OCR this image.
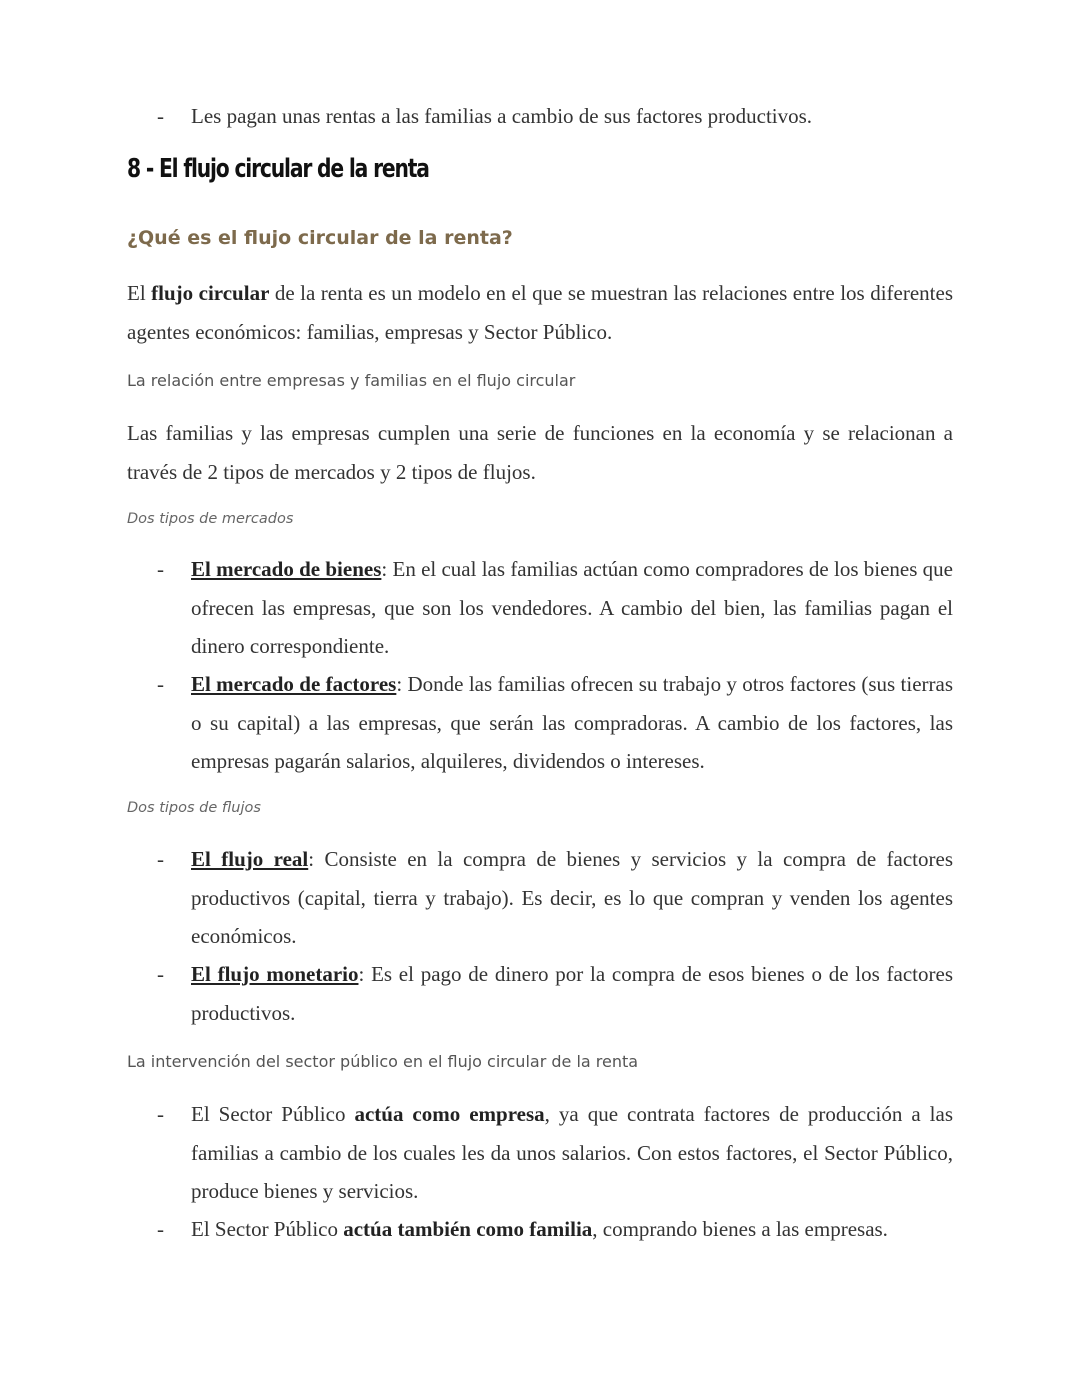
- Les pagan unas rentas a las familias a cambio de sus factores productivos.
8 - El flujo circular de la renta
¿Qué es el flujo circular de la renta?
El flujo circular de la renta es un modelo en el que se muestran las relaciones entre los diferentes agentes económicos: familias, empresas y Sector Público.
La relación entre empresas y familias en el flujo circular
Las familias y las empresas cumplen una serie de funciones en la economía y se relacionan a través de 2 tipos de mercados y 2 tipos de flujos.
Dos tipos de mercados
- El mercado de bienes: En el cual las familias actúan como compradores de los bienes que ofrecen las empresas, que son los vendedores. A cambio del bien, las familias pagan el dinero correspondiente.
- El mercado de factores: Donde las familias ofrecen su trabajo y otros factores (sus tierras o su capital) a las empresas, que serán las compradoras. A cambio de los factores, las empresas pagarán salarios, alquileres, dividendos o intereses.
Dos tipos de flujos
- El flujo real: Consiste en la compra de bienes y servicios y la compra de factores productivos (capital, tierra y trabajo). Es decir, es lo que compran y venden los agentes económicos.
- El flujo monetario: Es el pago de dinero por la compra de esos bienes o de los factores productivos.
La intervención del sector público en el flujo circular de la renta
- El Sector Público actúa como empresa, ya que contrata factores de producción a las familias a cambio de los cuales les da unos salarios. Con estos factores, el Sector Público, produce bienes y servicios.
- El Sector Público actúa también como familia, comprando bienes a las empresas.
